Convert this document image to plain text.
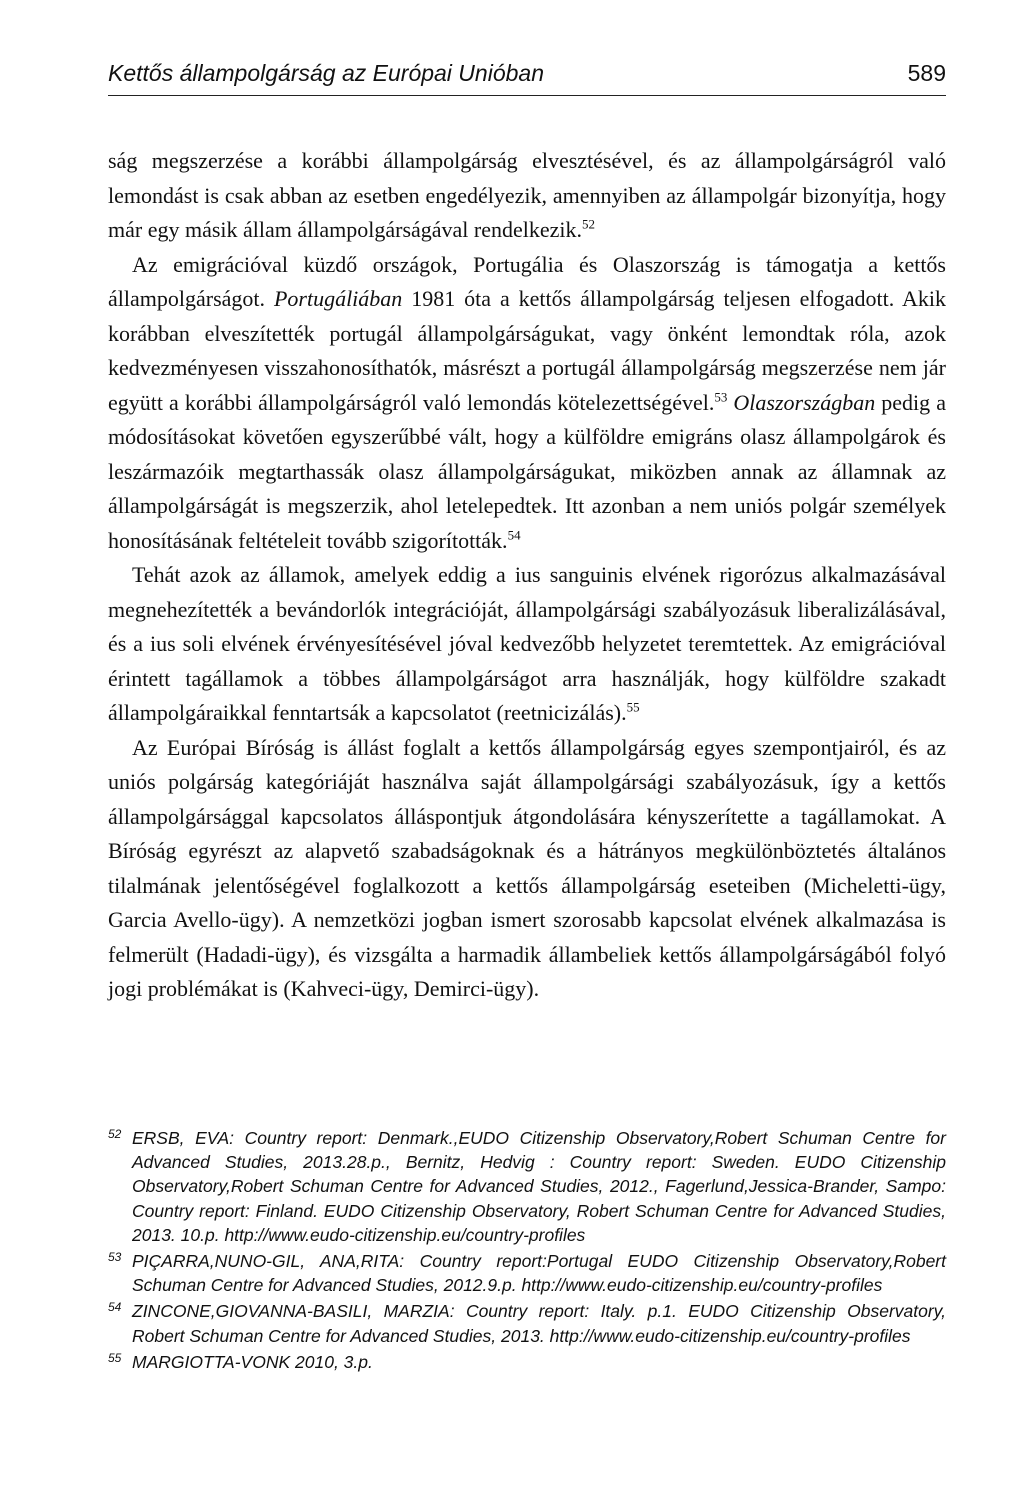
Kettős állampolgárság az Európai Unióban	589

ság megszerzése a korábbi állampolgárság elvesztésével, és az állampolgárságról való lemondást is csak abban az esetben engedélyezik, amennyiben az állampolgár bizonyítja, hogy már egy másik állam állampolgárságával rendelkezik.$^{52}$

Az emigrációval küzdő országok, Portugália és Olaszország is támogatja a kettős állampolgárságot. Portugáliában 1981 óta a kettős állampolgárság teljesen elfogadott. Akik korábban elveszítették portugál állampolgárságukat, vagy önként lemondtak róla, azok kedvezményesen visszahonosíthatók, másrészt a portugál állampolgárság megszerzése nem jár együtt a korábbi állampolgárságról való lemondás kötelezettségével.$^{53}$ Olaszországban pedig a módosításokat követően egyszerűbbé vált, hogy a külföldre emigráns olasz állampolgárok és leszármazóik megtarthassák olasz állampolgárságukat, miközben annak az államnak az állampolgárságát is megszerzik, ahol letelepedtek. Itt azonban a nem uniós polgár személyek honosításának feltételeit tovább szigorították.$^{54}$

Tehát azok az államok, amelyek eddig a ius sanguinis elvének rigorózus alkalmazásával megnehezítették a bevándorlók integrációját, állampolgársági szabályozásuk liberalizálásával, és a ius soli elvének érvényesítésével jóval kedvezőbb helyzetet teremtettek. Az emigrációval érintett tagállamok a többes állampolgárságot arra használják, hogy külföldre szakadt állampolgáraikkal fenntartsák a kapcsolatot (reetnicizálás).$^{55}$

Az Európai Bíróság is állást foglalt a kettős állampolgárság egyes szempontjairól, és az uniós polgárság kategóriáját használva saját állampolgársági szabályozásuk, így a kettős állampolgársággal kapcsolatos álláspontjuk átgondolására kényszerítette a tagállamokat. A Bíróság egyrészt az alapvető szabadságoknak és a hátrányos megkülönböztetés általános tilalmának jelentőségével foglalkozott a kettős állampolgárság eseteiben (Micheletti-ügy, Garcia Avello-ügy). A nemzetközi jogban ismert szorosabb kapcsolat elvének alkalmazása is felmerült (Hadadi-ügy), és vizsgálta a harmadik állambeliek kettős állampolgárságából folyó jogi problémákat is (Kahveci-ügy, Demirci-ügy).

52 ERSB, EVA: Country report: Denmark.,EUDO Citizenship Observatory,Robert Schuman Centre for Advanced Studies, 2013.28.p., Bernitz, Hedvig : Country report: Sweden. EUDO Citizenship Observatory,Robert Schuman Centre for Advanced Studies, 2012., Fagerlund,Jessica-Brander, Sampo: Country report: Finland. EUDO Citizenship Observatory, Robert Schuman Centre for Advanced Studies, 2013. 10.p. http://www.eudo-citizenship.eu/country-profiles
53 PIÇARRA,NUNO-GIL, ANA,RITA: Country report:Portugal EUDO Citizenship Observatory,Robert Schuman Centre for Advanced Studies, 2012.9.p. http://www.eudo-citizenship.eu/country-profiles
54 ZINCONE,GIOVANNA-BASILI, MARZIA: Country report: Italy. p.1. EUDO Citizenship Observatory, Robert Schuman Centre for Advanced Studies, 2013. http://www.eudo-citizenship.eu/country-profiles
55 MARGIOTTA-VONK 2010, 3.p.
